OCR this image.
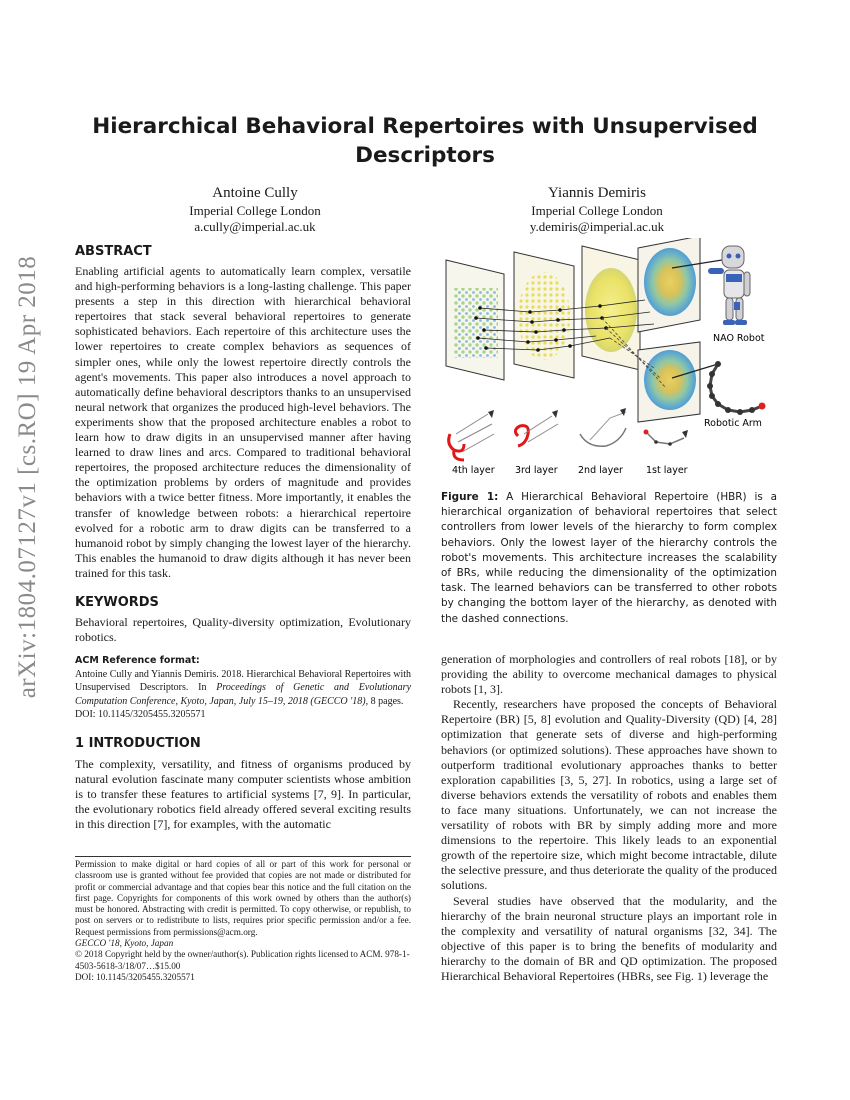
Hierarchical Behavioral Repertoires with Unsupervised Descriptors
Antoine Cully
Imperial College London
a.cully@imperial.ac.uk
Yiannis Demiris
Imperial College London
y.demiris@imperial.ac.uk
arXiv:1804.07127v1 [cs.RO] 19 Apr 2018
ABSTRACT
Enabling artificial agents to automatically learn complex, versatile and high-performing behaviors is a long-lasting challenge. This paper presents a step in this direction with hierarchical behavioral repertoires that stack several behavioral repertoires to generate sophisticated behaviors. Each repertoire of this architecture uses the lower repertoires to create complex behaviors as sequences of simpler ones, while only the lowest repertoire directly controls the agent's movements. This paper also introduces a novel approach to automatically define behavioral descriptors thanks to an unsupervised neural network that organizes the produced high-level behaviors. The experiments show that the proposed architecture enables a robot to learn how to draw digits in an unsupervised manner after having learned to draw lines and arcs. Compared to traditional behavioral repertoires, the proposed architecture reduces the dimensionality of the optimization problems by orders of magnitude and provides behaviors with a twice better fitness. More importantly, it enables the transfer of knowledge between robots: a hierarchical repertoire evolved for a robotic arm to draw digits can be transferred to a humanoid robot by simply changing the lowest layer of the hierarchy. This enables the humanoid to draw digits although it has never been trained for this task.
KEYWORDS
Behavioral repertoires, Quality-diversity optimization, Evolutionary robotics.
ACM Reference format:
Antoine Cully and Yiannis Demiris. 2018. Hierarchical Behavioral Repertoires with Unsupervised Descriptors. In Proceedings of Genetic and Evolutionary Computation Conference, Kyoto, Japan, July 15–19, 2018 (GECCO '18), 8 pages.
DOI: 10.1145/3205455.3205571
1 INTRODUCTION
The complexity, versatility, and fitness of organisms produced by natural evolution fascinate many computer scientists whose ambition is to transfer these features to artificial systems [7, 9]. In particular, the evolutionary robotics field already offered several exciting results in this direction [7], for examples, with the automatic
Permission to make digital or hard copies of all or part of this work for personal or classroom use is granted without fee provided that copies are not made or distributed for profit or commercial advantage and that copies bear this notice and the full citation on the first page. Copyrights for components of this work owned by others than the author(s) must be honored. Abstracting with credit is permitted. To copy otherwise, or republish, to post on servers or to redistribute to lists, requires prior specific permission and/or a fee. Request permissions from permissions@acm.org.
GECCO '18, Kyoto, Japan
© 2018 Copyright held by the owner/author(s). Publication rights licensed to ACM. 978-1-4503-5618-3/18/07…$15.00
DOI: 10.1145/3205455.3205571
NAO Robot
Robotic Arm
4th layer 3rd layer 2nd layer 1st layer
Figure 1: A Hierarchical Behavioral Repertoire (HBR) is a hierarchical organization of behavioral repertoires that select controllers from lower levels of the hierarchy to form complex behaviors. Only the lowest layer of the hierarchy controls the robot's movements. This architecture increases the scalability of BRs, while reducing the dimensionality of the optimization task. The learned behaviors can be transferred to other robots by changing the bottom layer of the hierarchy, as denoted with the dashed connections.

generation of morphologies and controllers of real robots [18], or by providing the ability to overcome mechanical damages to physical robots [1, 3].

Recently, researchers have proposed the concepts of Behavioral Repertoire (BR) [5, 8] evolution and Quality-Diversity (QD) [4, 28] optimization that generate sets of diverse and high-performing behaviors (or optimized solutions). These approaches have shown to outperform traditional evolutionary approaches thanks to better exploration capabilities [3, 5, 27]. In robotics, using a large set of diverse behaviors extends the versatility of robots and enables them to face many situations. Unfortunately, we can not increase the versatility of robots with BR by simply adding more and more dimensions to the repertoire. This likely leads to an exponential growth of the repertoire size, which might become intractable, dilute the selective pressure, and thus deteriorate the quality of the produced solutions.

Several studies have observed that the modularity, and the hierarchy of the brain neuronal structure plays an important role in the complexity and versatility of natural organisms [32, 34]. The objective of this paper is to bring the benefits of modularity and hierarchy to the domain of BR and QD optimization. The proposed Hierarchical Behavioral Repertoires (HBRs, see Fig. 1) leverage the
